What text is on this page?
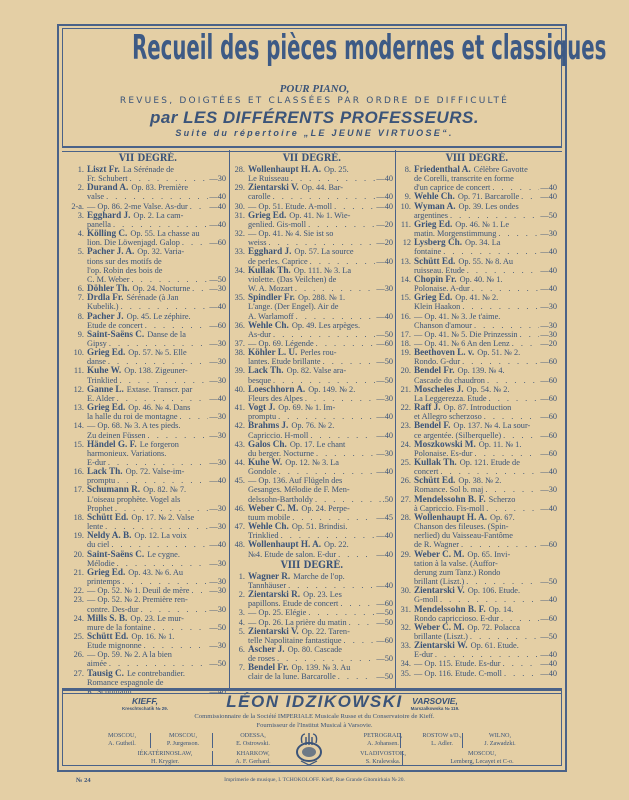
Recueil des pièces modernes et classiques
POUR PIANO,
REVUES, DOIGTÉES ET CLASSÉES PAR ORDRE DE DIFFICULTÉ
par LES DIFFÉRENTS PROFESSEURS.
Suite du répertoire „LE JEUNE VIRTUOSE“.
VII DEGRÉ.
1. Liszt Fr. La Sérénade de
Fr. Schubert . . .	—30
2. Durand A. Op. 83. Première
valse . . .	—40
2-a. — Op. 86. 2-me Valse. As-dur . . .	—40
3. Egghard J. Op. 2. La cam-
panella . . .	—40
4. Kölling C. Op. 55. La chasse au
lion. Die Löwenjagd. Galop . . .	—60
5. Pacher J. A. Op. 32. Varia-
tions sur des motifs de
l'op. Robin des bois de
C. M. Weber . . .	—50
6. Döhler Th. Op. 24. Nocturne . . . —30
7. Drdla Fr. Sérénade (à Jan
Kubelik.) . . .	—40
8. Pacher J. Op. 45. Le zéphire.
Etude de concert . . .	—60
9. Saint-Saëns C. Danse de la
Gipsy . . .	—30
10. Grieg Ed. Op. 57. № 5. Elle
danse . . .	—30
11. Kuhe W. Op. 138. Zigeuner-
Trinklied . . .	—30
12. Ganne L. Extase. Transcr. par
E. Alder . . .	—40
13. Grieg Ed. Op. 46. № 4. Dans
la halle du roi de montagne . . .	—30
14. — Op. 68. № 3. A tes pieds.
Zu deinen Füssen . . .	—30
15. Händel G. F. Le forgeron
harmonieux. Variations.
E-dur . . .	—30
16. Lack Th. Op. 72. Valse-im-
promptu . . .	—40
17. Schumann R. Op. 82. № 7.
L'oiseau prophète. Vogel als
Prophet . . .	—30
18. Schütt Ed. Op. 17. № 2. Valse
lente . . .	—30
19. Neldy A. B. Op. 12. La voix
du ciel . . .	—40
20. Saint-Saëns C. Le cygne.
Mélodie . . .	—30
21. Grieg Ed. Op. 43. № 6. Au
printemps . . .	—30
22. — Op. 52. № 1. Deuil de mère . . . —30
23. — Op. 52. № 2. Première ren-
contre. Des-dur . . .	—30
24. Mills S. B. Op. 23. Le mur-
mure de la fontaine . . .	—50
25. Schütt Ed. Op. 16. № 1.
Etude mignonne . . .	—30
26. — Op. 59. № 2. A la bien
aimée . . .	—50
27. Tausig C. Le contrebandier.
Romance espagnole de
R. Schumann . . .	—40
VII DEGRÉ.
28. Wollenhaupt H. A. Op. 25.
Le Ruisseau . . .	—40
29. Zientarski V. Op. 44. Bar-
carolle . . .	—40
30. — Op. 51. Etude. A-moll . . .	—40
31. Grieg Ed. Op. 41. № 1. Wie-
genlied. Gis-moll . . .	—20
32. — Op. 41. № 4. Sie ist so
weiss . . .	—20
33. Egghard J. Op. 57. La source
de perles. Caprice . . .	—40
34. Kullak Th. Op. 111. № 3. La
violette. (Das Veilchen) de
W. A. Mozart . . .	—30
35. Spindler Fr. Op. 288. № 1.
L'ange. (Der Engel). Air de
A. Warlamoff . . .	—40
36. Wehle Ch. Op. 49. Les arpèges.
As-dur . . .	—50
37. — Op. 69. Légende . . .	—60
38. Köhler L. U. Perles rou-
lantes. Etude brillante . . .	—50
39. Lack Th. Op. 82. Valse ara-
besque . . .	—50
40. Loeschhorn A. Op. 149. № 2.
Fleurs des Alpes . . .	—30
41. Vogt J. Op. 69. № 1. Im-
promptu . . .	—40
42. Brahms J. Op. 76. № 2.
Capriccio. H-moll . . .	—40
43. Galos Ch. Op. 17. Le chant
du berger. Nocturne . . .	—30
44. Kuhe W. Op. 12. № 3. La
Gondole . . .	—40
45. — Op. 136. Auf Flügeln des
Gesanges. Mélodie de F. Men-
delssohn-Bartholdy . . .	.50
46. Weber C. M. Op. 24. Perpe-
tuum mobile . . .	—45
47. Wehle Ch. Op. 51. Brindisi.
Trinklied . . .	—40
48. Wollenhaupt H. A. Op. 22.
№4. Etude de salon. E-dur . . .	—40
VIII DEGRÉ.
1. Wagner R. Marche de l'op.
Tannhäuser . . .	—40
2. Zientarski R. Op. 23. Les
papillons. Etude de concert . . .	—60
3. — Op. 25. Elégie . . .	—50
4. — Op. 26. La prière du matin . . .	—50
5. Zientarski V. Op. 22. Taren-
telle Napolitaine fantastique . . .	—60
6. Ascher J. Op. 80. Cascade
de roses . . .	—50
7. Bendel Fr. Op. 139. № 3. Au
clair de la lune. Barcarolle . . .	—50
VIII DEGRÉ.
8. Friedenthal A. Célèbre Gavotte
de Corelli, transcrite en forme
d'un caprice de concert . . .	—40
9. Wehle Ch. Op. 71. Barcarolle . . .	—40
10. Wyman A. Op. 39. Les ondes
argentines . . .	—50
11. Grieg Ed. Op. 46. № 1. Le
matin. Morgenstimmung . . .	—30
12 Lysberg Ch. Op. 34. La
fontaine . . .	—40
13. Schütt Ed. Op. 55. № 8. Au
ruisseau. Etude . . .	—40
14. Chopin Fr. Op. 40. № 1.
Polonaise. A-dur . . .	—40
15. Grieg Ed. Op. 41. № 2.
Klein Haakon . . .	—30
16. — Op. 41. № 3. Je t'aime.
Chanson d'amour . . .	—30
17. — Op. 41. № 5. Die Prinzessin . . .	—30
18. — Op. 41. № 6 An den Lenz . . .	—20
19. Beethoven L. v. Op. 51. № 2.
Rondo. G-dur . . .	—60
20. Bendel Fr. Op. 139. № 4.
Cascade du chaudron . . .	—60
21. Moscheles J. Op. 54. № 2.
La Leggerezza. Etude . . .	—60
22. Raff J. Op. 87. Introduction
et Allegro scherzoso . . .	—60
23. Bendel F. Op. 137. № 4. La sour-
ce argentée. (Silberquelle) . . .	—60
24. Moszkowski M. Op. 11. № 1.
Polonaise. Es-dur . . .	—60
25. Kullak Th. Op. 121. Etude de
concert . . .	—40
26. Schütt Ed. Op. 38. № 2.
Romance. Sol b. maj . . .	—30
27. Mendelssohn B. F. Scherzo
à Capriccio. Fis-moll . . .	—40
28. Wollenhaupt H. A. Op. 67.
Chanson des fileuses. (Spin-
nerlied) du Vaisseau-Fantôme
de R. Wagner . . .	—60
29. Weber C. M. Op. 65. Invi-
tation à la valse. (Auffor-
derung zum Tanz.) Rondo
brillant (Liszt.) . . .	—50
30. Zientarski V. Op. 106. Etude.
G-moll . . .	—40
31. Mendelssohn B. F. Op. 14.
Rondo capriccioso. E-dur . . .	—60
32. Weber C. M. Op. 72. Polacca
brillante (Liszt.) . . .	—50
33. Zientarski W. Op. 61. Etude.
E-dur . . .	—40
34. — Op. 115. Etude. Es-dur . . .	—40
35. — Op. 116. Etude. C-moll . . .	—40
KIEFF,
Kreschtschatik № 29.	LÉON IDZIKOWSKI	VARSOVIE,
Marszalkowska № 119.
Commissionnaire de la Société IMPERIALE Musicale Russe et du Conservatoire de Kieff.
Fournisseur de l'Institut Musical à Varsovie.
MOSCOU,
A. Gutheil.
MOSCOU,
P. Jurgenson.
ODESSA,
E. Ostrowski.
PETROGRAD,
A. Johansen.
ROSTOW s/D.,
L. Adler.
WILNO,
J. Zawadzki.
IÉKATÉRINOSLAW,
H. Krygier.
KHARKOW,
A. F. Gerhard.
VLADIVOSTOK,
S. Kralewska.
MOSCOU,
Lemberg, Lecayet et C-o.
№ 24	Imprimerie de musique, I. TCHOKOLOFF. Kieff, Rue Grande Gitomirkaia № 20.
